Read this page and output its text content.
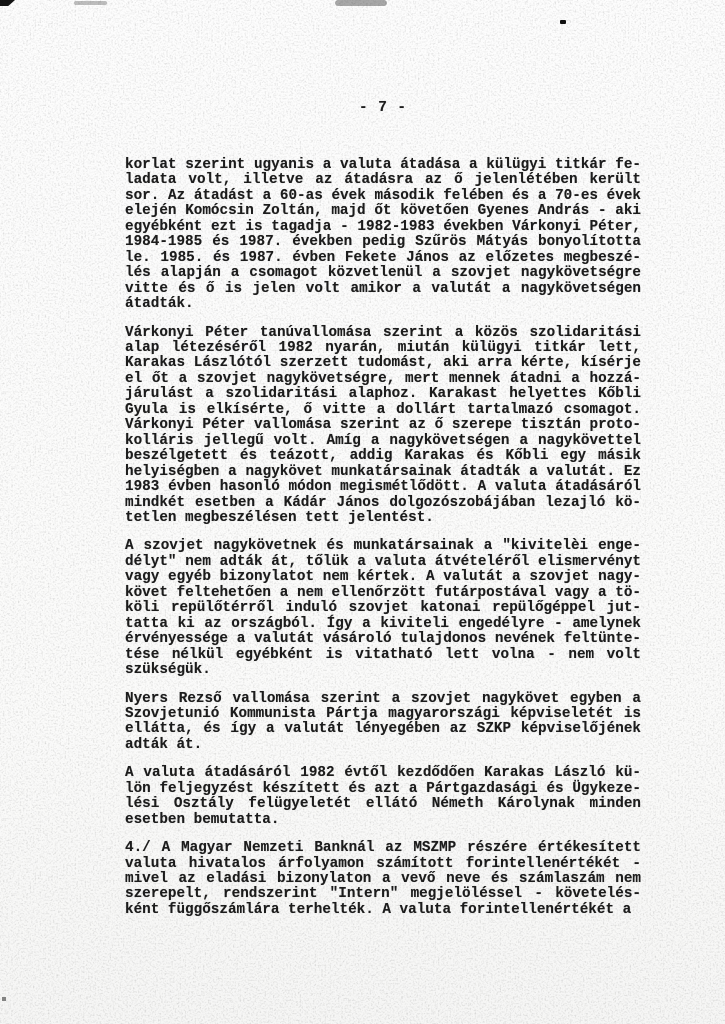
- 7 -
korlat szerint ugyanis a valuta átadása a külügyi titkár fe-
ladata volt, illetve az átadásra az ő jelenlétében került
sor. Az átadást a 60-as évek második felében és a 70-es évek
elején Komócsin Zoltán, majd őt követően Gyenes András - aki
egyébként ezt is tagadja - 1982-1983 években Várkonyi Péter,
1984-1985 és 1987. években pedig Szűrös Mátyás bonyolította
le. 1985. és 1987. évben Fekete János az előzetes megbeszé-
lés alapján a csomagot közvetlenül a szovjet nagykövetségre
vitte és ő is jelen volt amikor a valutát a nagykövetségen
átadták.
Várkonyi Péter tanúvallomása szerint a közös szolidaritási
alap létezéséről 1982 nyarán, miután külügyi titkár lett,
Karakas Lászlótól szerzett tudomást, aki arra kérte, kísérje
el őt a szovjet nagykövetségre, mert mennek átadni a hozzá-
járulást a szolidaritási alaphoz. Karakast helyettes Kőbli
Gyula is elkísérte, ő vitte a dollárt tartalmazó csomagot.
Várkonyi Péter vallomása szerint az ő szerepe tisztán proto-
kolláris jellegű volt. Amíg a nagykövetségen a nagykövettel
beszélgetett és teázott, addig Karakas és Kőbli egy másik
helyiségben a nagykövet munkatársainak átadták a valutát. Ez
1983 évben hasonló módon megismétlődött. A valuta átadásáról
mindkét esetben a Kádár János dolgozószobájában lezajló kö-
tetlen megbeszélésen tett jelentést.
A szovjet nagykövetnek és munkatársainak a "kivitelèi enge-
délyt" nem adták át, tőlük a valuta átvételéről elismervényt
vagy egyéb bizonylatot nem kértek. A valutát a szovjet nagy-
követ feltehetően a nem ellenőrzött futárpostával vagy a tö-
köli repülőtérről induló szovjet katonai repülőgéppel jut-
tatta ki az országból. Így a kiviteli engedélyre - amelynek
érvényessége a valutát vásároló tulajdonos nevének feltünte-
tése nélkül egyébként is vitatható lett volna - nem volt
szükségük.
Nyers Rezső vallomása szerint a szovjet nagykövet egyben a
Szovjetunió Kommunista Pártja magyarországi képviseletét is
ellátta, és így a valutát lényegében az SZKP képviselőjének
adták át.
A valuta átadásáról 1982 évtől kezdődően Karakas László kü-
lön feljegyzést készített és azt a Pártgazdasági és Ügykeze-
lési Osztály felügyeletét ellátó Németh Károlynak minden
esetben bemutatta.
4./ A Magyar Nemzeti Banknál az MSZMP részére értékesített
valuta hivatalos árfolyamon számított forintellenértékét -
mivel az eladási bizonylaton a vevő neve és számlaszám nem
szerepelt, rendszerint "Intern" megjelöléssel - követelés-
ként függőszámlára terhelték. A valuta forintellenértékét a
